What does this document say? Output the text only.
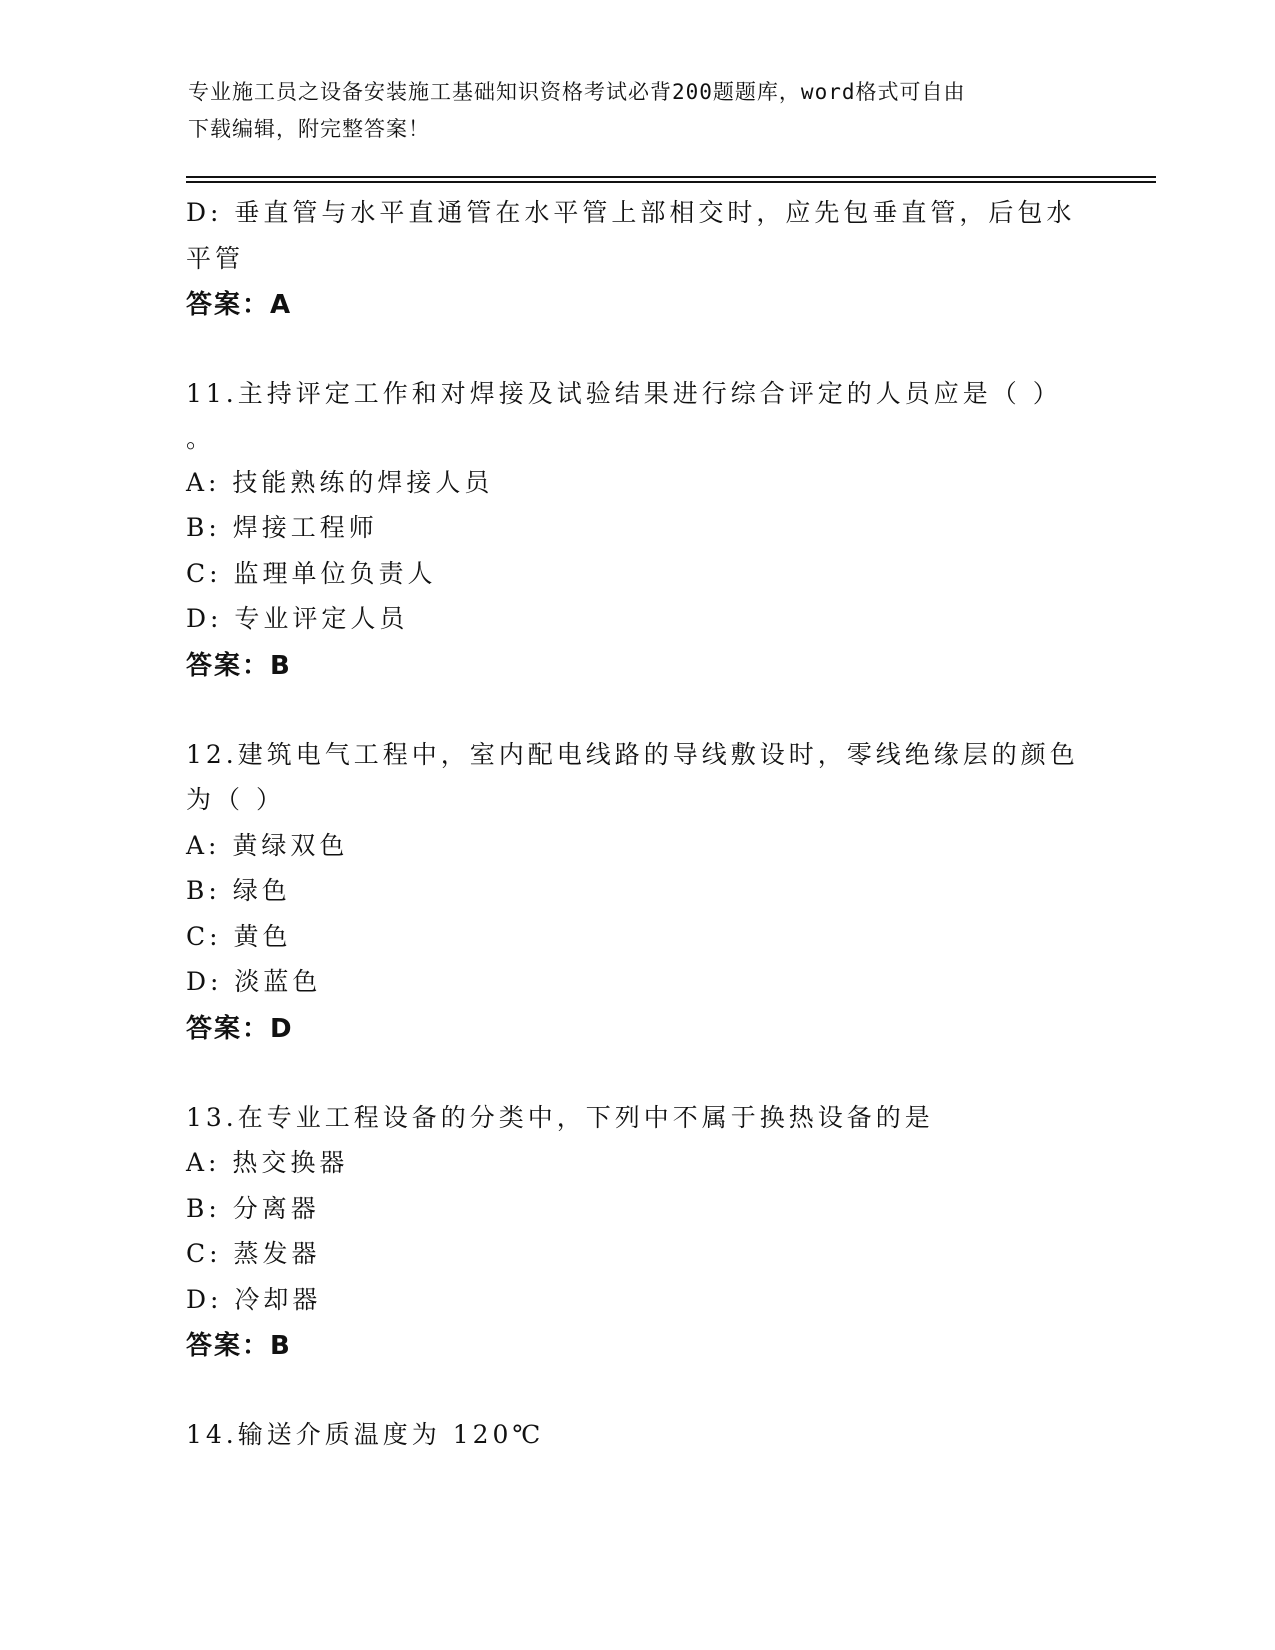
专业施工员之设备安装施工基础知识资格考试必背200题题库，word格式可自由
下载编辑，附完整答案！
D: 垂直管与水平直通管在水平管上部相交时，应先包垂直管，后包水
平管
答案：A
11.主持评定工作和对焊接及试验结果进行综合评定的人员应是（ ）
。
A: 技能熟练的焊接人员
B: 焊接工程师
C: 监理单位负责人
D: 专业评定人员
答案：B
12.建筑电气工程中，室内配电线路的导线敷设时，零线绝缘层的颜色
为（ ）
A: 黄绿双色
B: 绿色
C: 黄色
D: 淡蓝色
答案：D
13.在专业工程设备的分类中，下列中不属于换热设备的是
A: 热交换器
B: 分离器
C: 蒸发器
D: 冷却器
答案：B
14.输送介质温度为 120℃
